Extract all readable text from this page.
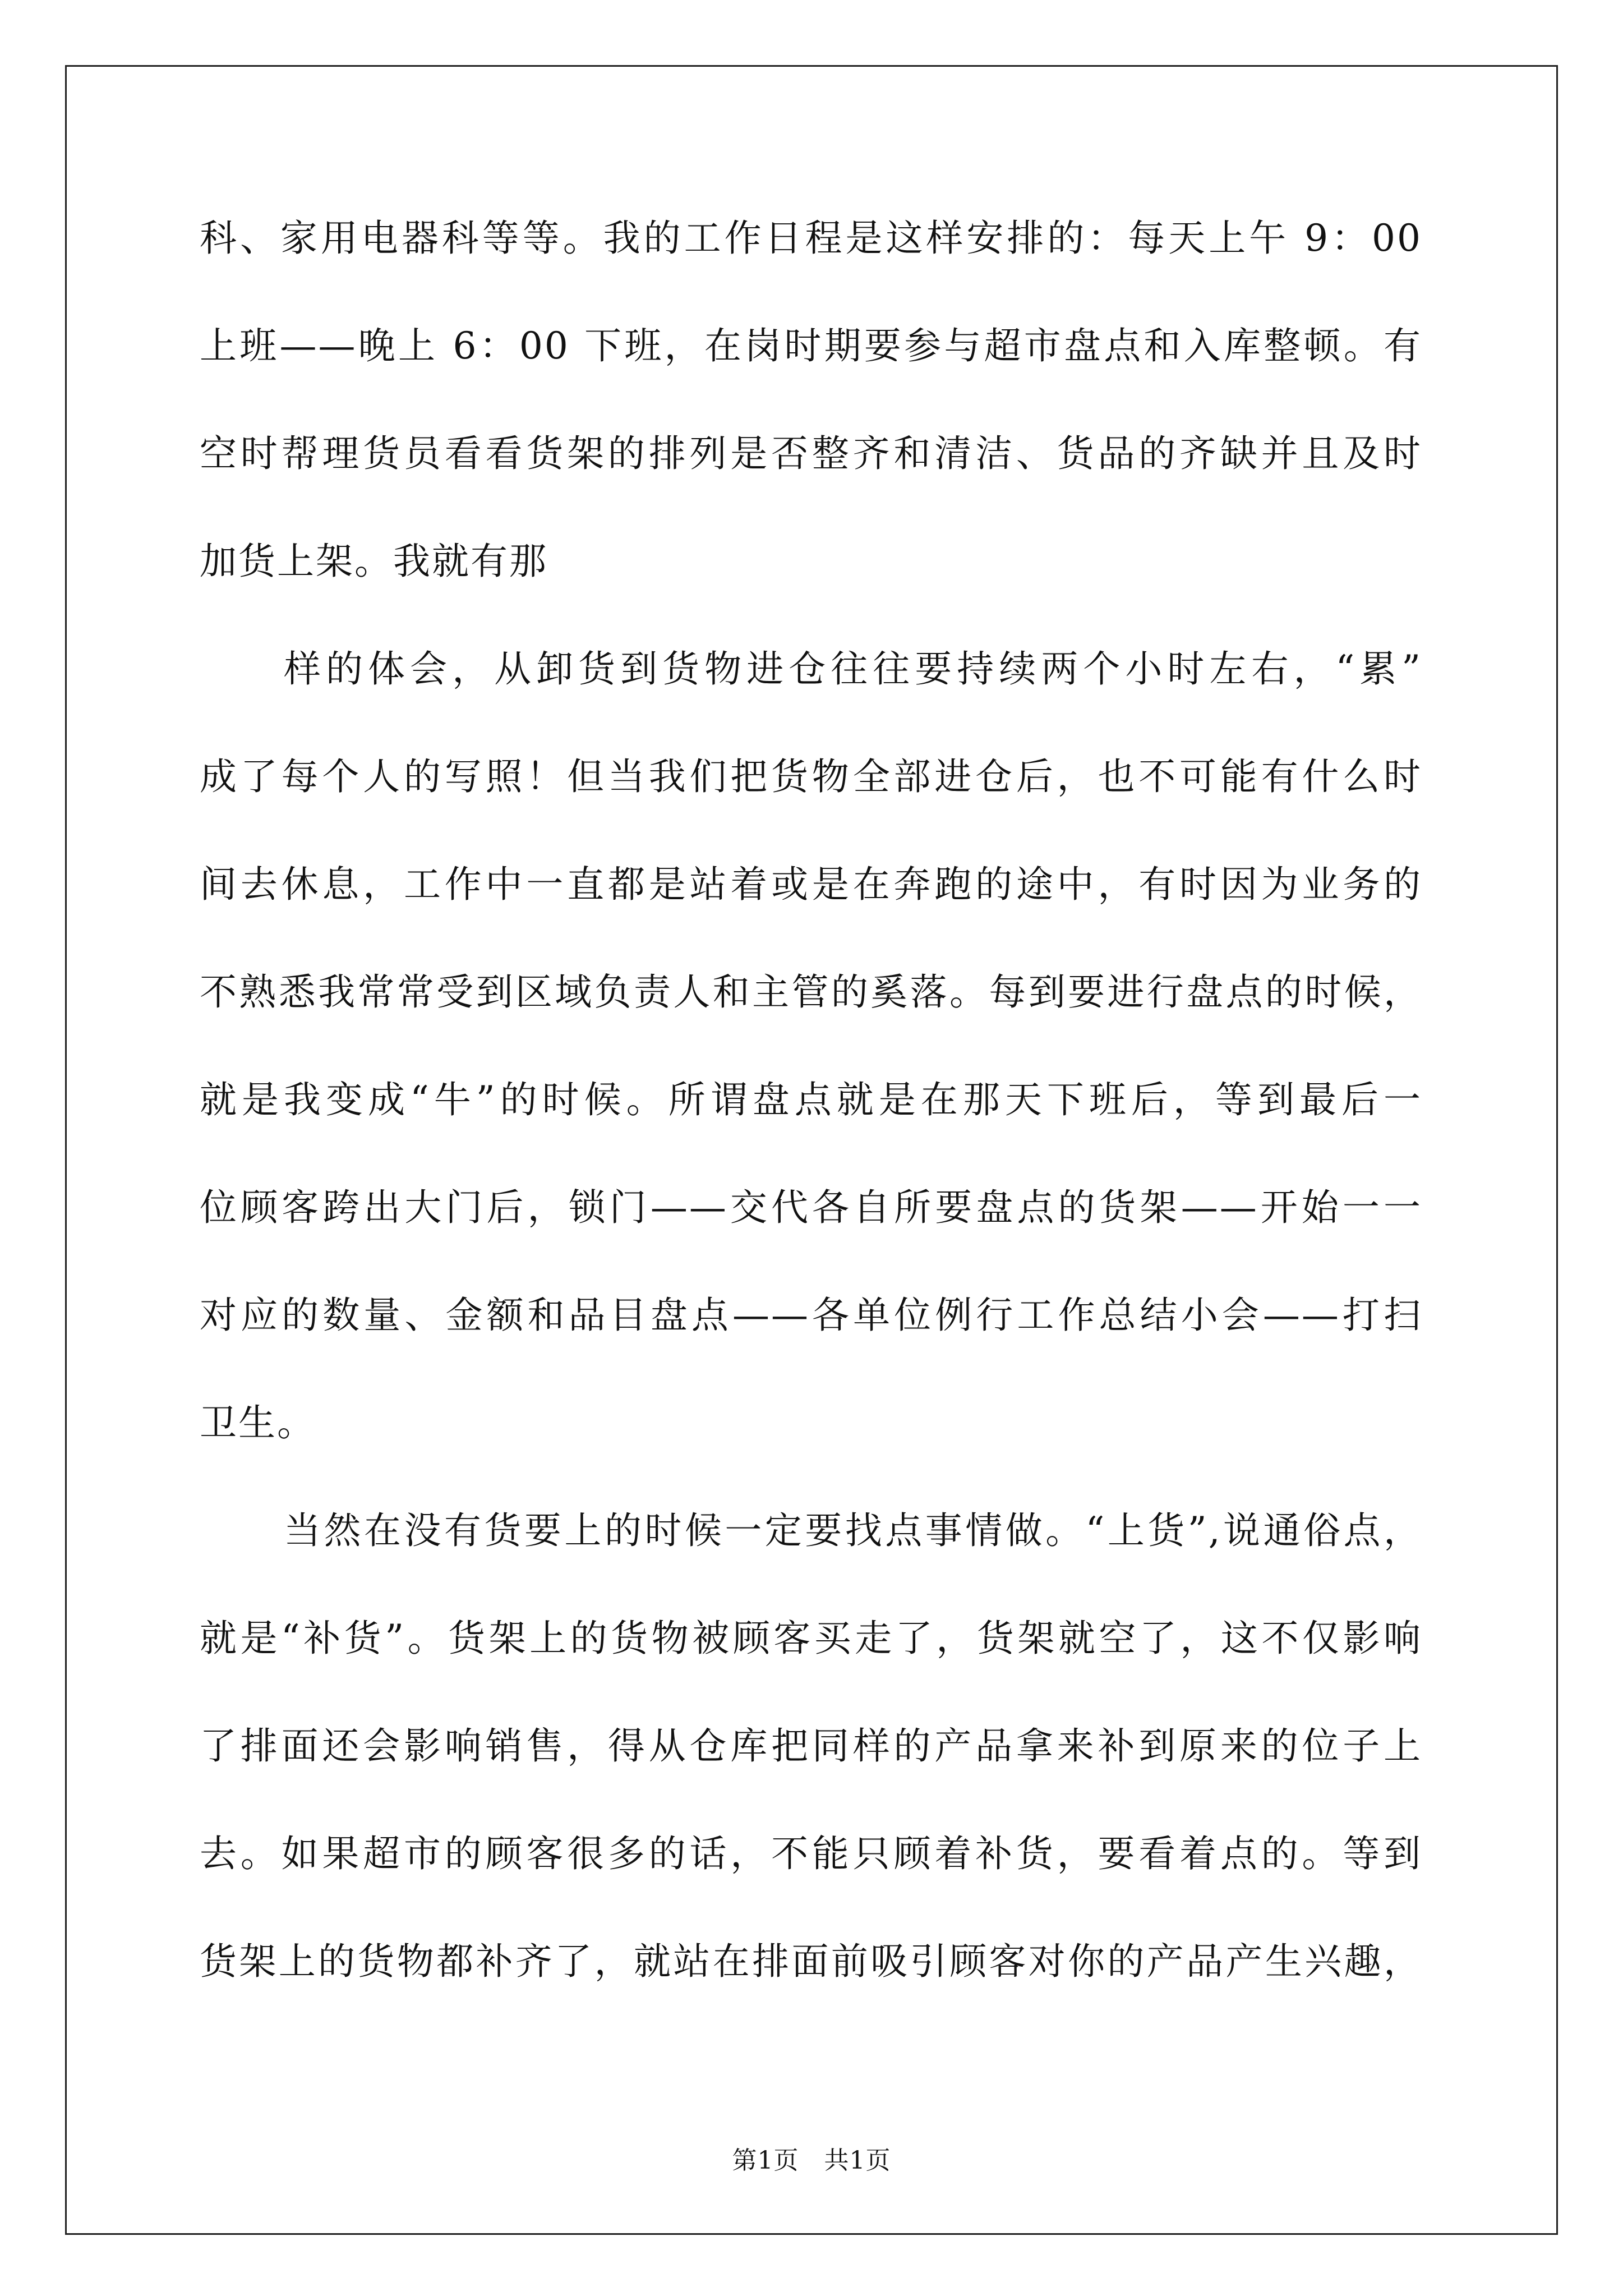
科、家用电器科等等。我的工作日程是这样安排的：每天上午 9：00
上班——晚上 6：00 下班，在岗时期要参与超市盘点和入库整顿。有
空时帮理货员看看货架的排列是否整齐和清洁、货品的齐缺并且及时
加货上架。我就有那
样的体会，从卸货到货物进仓往往要持续两个小时左右，“累”
成了每个人的写照！但当我们把货物全部进仓后，也不可能有什么时
间去休息，工作中一直都是站着或是在奔跑的途中，有时因为业务的
不熟悉我常常受到区域负责人和主管的奚落。每到要进行盘点的时候，
就是我变成“牛”的时候。所谓盘点就是在那天下班后，等到最后一
位顾客跨出大门后，锁门——交代各自所要盘点的货架——开始一一
对应的数量、金额和品目盘点——各单位例行工作总结小会——打扫
卫生。
当然在没有货要上的时候一定要找点事情做。“上货”,说通俗点，
就是“补货”。货架上的货物被顾客买走了，货架就空了，这不仅影响
了排面还会影响销售，得从仓库把同样的产品拿来补到原来的位子上
去。如果超市的顾客很多的话，不能只顾着补货，要看着点的。等到
货架上的货物都补齐了，就站在排面前吸引顾客对你的产品产生兴趣，
第1页 共1页
